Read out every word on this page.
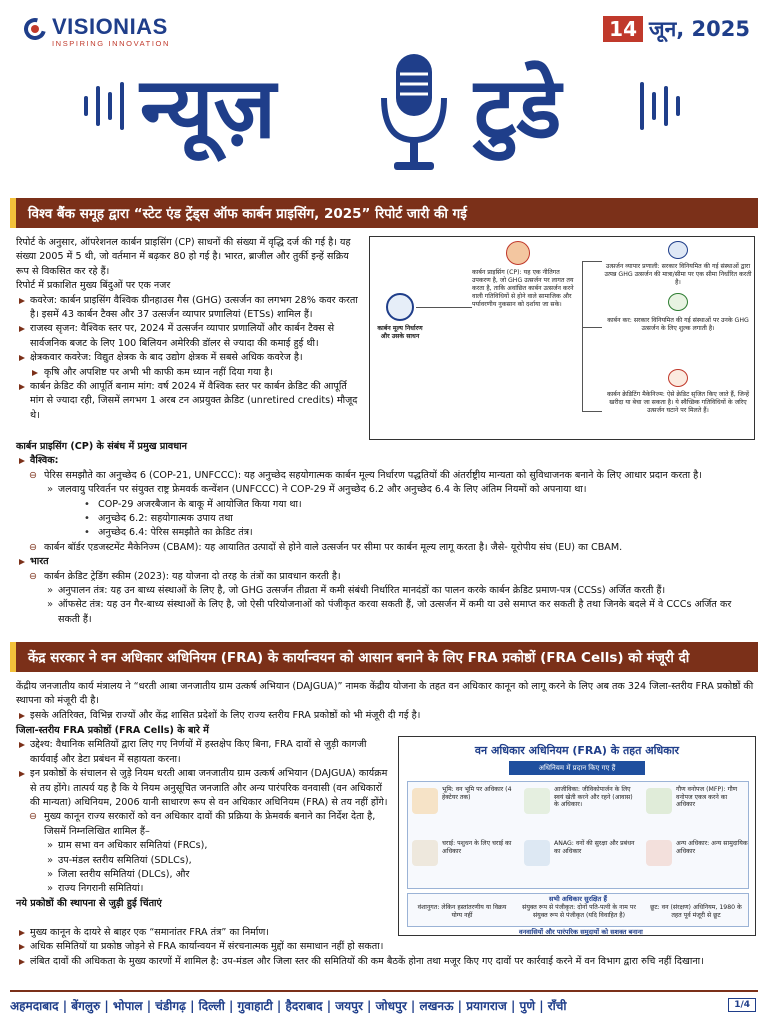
VISIONIAS
INSPIRING INNOVATION
14 जून, 2025
न्यूज़ टुडे
विश्व बैंक समूह द्वारा “स्टेट एंड ट्रेंड्स ऑफ कार्बन प्राइसिंग, 2025” रिपोर्ट जारी की गई

रिपोर्ट के अनुसार, ऑपरेशनल कार्बन प्राइसिंग (CP) साधनों की संख्या में वृद्धि दर्ज की गई है। यह संख्या 2005 में 5 थी, जो वर्तमान में बढ़कर 80 हो गई है। भारत, ब्राजील और तुर्की इन्हें सक्रिय रूप से विकसित कर रहे हैं।

रिपोर्ट में प्रकाशित मुख्य बिंदुओं पर एक नजर

कवरेज: कार्बन प्राइसिंग वैश्विक ग्रीनहाउस गैस (GHG) उत्सर्जन का लगभग 28% कवर करता है। इसमें 43 कार्बन टैक्स और 37 उत्सर्जन व्यापार प्रणालियां (ETSs) शामिल हैं।
राजस्व सृजन: वैश्विक स्तर पर, 2024 में उत्सर्जन व्यापार प्रणालियों और कार्बन टैक्स से सार्वजनिक बजट के लिए 100 बिलियन अमेरिकी डॉलर से ज्यादा की कमाई हुई थी।
क्षेत्रकवार कवरेज: विद्युत क्षेत्रक के बाद उद्योग क्षेत्रक में सबसे अधिक कवरेज है।
कृषि और अपशिष्ट पर अभी भी काफी कम ध्यान नहीं दिया गया है।
कार्बन क्रेडिट की आपूर्ति बनाम मांग: वर्ष 2024 में वैश्विक स्तर पर कार्बन क्रेडिट की आपूर्ति मांग से ज्यादा रही, जिसमें लगभग 1 अरब टन अप्रयुक्त क्रेडिट (unretired credits) मौजूद थे।
कार्बन मूल्य निर्धारण और उसके साधन
कार्बन प्राइसिंग (CP): यह एक नीतिगत उपकरण है, जो GHG उत्सर्जन पर लागत तय करता है, ताकि अवांछित कार्बन उत्सर्जन करने वाली गतिविधियों से होने वाले सामाजिक और पर्यावरणीय नुकसान को दर्शाया जा सके।
उत्सर्जन व्यापार प्रणाली: सरकार विनियमित की गई संस्थाओं द्वारा उत्पन्न GHG उत्सर्जन की मात्रा/सीमा पर एक सीमा निर्धारित करती है।
कार्बन कर: सरकार विनियमित की गई संस्थाओं पर उनके GHG उत्सर्जन के लिए शुल्क लगाती है।
कार्बन क्रेडिटिंग मैकेनिज्म: ऐसे क्रेडिट सृजित किए जाते हैं, जिन्हें खरीदा या बेचा जा सकता है। ये स्वैच्छिक गतिविधियों के जरिए उत्सर्जन घटाने पर मिलते हैं।

कार्बन प्राइसिंग (CP) के संबंध में प्रमुख प्रावधान

वैश्विक:
⊖ पेरिस समझौते का अनुच्छेद 6 (COP-21, UNFCCC): यह अनुच्छेद सहयोगात्मक कार्बन मूल्य निर्धारण पद्धतियों की अंतर्राष्ट्रीय मान्यता को सुविधाजनक बनाने के लिए आधार प्रदान करता है।
» जलवायु परिवर्तन पर संयुक्त राष्ट्र फ्रेमवर्क कन्वेंशन (UNFCCC) ने COP-29 में अनुच्छेद 6.2 और अनुच्छेद 6.4 के लिए अंतिम नियमों को अपनाया था।
• COP-29 अजरबैजान के बाकू में आयोजित किया गया था।
• अनुच्छेद 6.2: सहयोगात्मक उपाय तथा
• अनुच्छेद 6.4: पेरिस समझौते का क्रेडिट तंत्र।
⊖ कार्बन बॉर्डर एडजस्टमेंट मैकेनिज्म (CBAM): यह आयातित उत्पादों से होने वाले उत्सर्जन पर सीमा पर कार्बन मूल्य लागू करता है। जैसे- यूरोपीय संघ (EU) का CBAM.
भारत
⊖ कार्बन क्रेडिट ट्रेडिंग स्कीम (2023): यह योजना दो तरह के तंत्रों का प्रावधान करती है।
» अनुपालन तंत्र: यह उन बाध्य संस्थाओं के लिए है, जो GHG उत्सर्जन तीव्रता में कमी संबंधी निर्धारित मानदंडों का पालन करके कार्बन क्रेडिट प्रमाण-पत्र (CCSs) अर्जित करती हैं।
» ऑफसेट तंत्र: यह उन गैर-बाध्य संस्थाओं के लिए है, जो ऐसी परियोजनाओं को पंजीकृत करवा सकती हैं, जो उत्सर्जन में कमी या उसे समाप्त कर सकती है तथा जिनके बदले में वे CCCs अर्जित कर सकती हैं।
केंद्र सरकार ने वन अधिकार अधिनियम (FRA) के कार्यान्वयन को आसान बनाने के लिए FRA प्रकोष्ठों (FRA Cells) को मंजूरी दी

केंद्रीय जनजातीय कार्य मंत्रालय ने “धरती आबा जनजातीय ग्राम उत्कर्ष अभियान (DAJGUA)” नामक केंद्रीय योजना के तहत वन अधिकार कानून को लागू करने के लिए अब तक 324 जिला-स्तरीय FRA प्रकोष्ठों की स्थापना को मंजूरी दी है।

इसके अतिरिक्त, विभिन्न राज्यों और केंद्र शासित प्रदेशों के लिए राज्य स्तरीय FRA प्रकोष्ठों को भी मंजूरी दी गई है।

जिला-स्तरीय FRA प्रकोष्ठों (FRA Cells) के बारे में

उद्देश्य: वैधानिक समितियों द्वारा लिए गए निर्णयों में हस्तक्षेप किए बिना, FRA दावों से जुड़ी कागजी कार्यवाई और डेटा प्रबंधन में सहायता करना।
इन प्रकोष्ठों के संचालन से जुड़े नियम धरती आबा जनजातीय ग्राम उत्कर्ष अभियान (DAJGUA) कार्यक्रम से तय होंगे। तात्पर्य यह है कि ये नियम अनुसूचित जनजाति और अन्य पारंपरिक वनवासी (वन अधिकारों की मान्यता) अधिनियम, 2006 यानी साधारण रूप से वन अधिकार अधिनियम (FRA) से तय नहीं होंगे।
⊖ मुख्य कानून राज्य सरकारों को वन अधिकार दावों की प्रक्रिया के फ्रेमवर्क बनाने का निर्देश देता है, जिसमें निम्नलिखित शामिल हैं–
» ग्राम सभा वन अधिकार समितियां (FRCs),
» उप-मंडल स्तरीय समितियां (SDLCs),
» जिला स्तरीय समितियां (DLCs), और
» राज्य निगरानी समितियां।

नये प्रकोष्ठों की स्थापना से जुड़ी हुई चिंताएं

मुख्य कानून के दायरे से बाहर एक “समानांतर FRA तंत्र” का निर्माण।
अधिक समितियों या प्रकोष्ठ जोड़ने से FRA कार्यान्वयन में संरचनात्मक मुद्दों का समाधान नहीं हो सकता।
लंबित दावों की अधिकता के मुख्य कारणों में शामिल है: उप-मंडल और जिला स्तर की समितियों की कम बैठकें होना तथा मजूर किए गए दावों पर कार्रवाई करने में वन विभाग द्वारा रुचि नहीं दिखाना।
वन अधिकार अधिनियम (FRA) के तहत अधिकार
अधिनियम में प्रदान किए गए हैं
भूमि: वन भूमि पर अधिकार (4 हेक्टेयर तक)
आजीविका: जीविकोपार्जन के लिए स्वयं खेती करने और रहने (आवास) के अधिकार।
गौण वनोपज (MFP): गौण वनोपज एकत्र करने का अधिकार
चराई: पशुधन के लिए चराई का अधिकार
ANAG: वनों की सुरक्षा और प्रबंधन का अधिकार
अन्य अधिकार: अन्य सामुदायिक अधिकार
सभी अधिकार सुरक्षित हैं
वंशानुगत: लेकिन हस्तांतरणीय या विक्रय योग्य नहीं
संयुक्त रूप से पंजीकृत: दोनों पति-पत्नी के नाम पर संयुक्त रूप से पंजीकृत (यदि विवाहित है)
छूट: वन (संरक्षण) अधिनियम, 1980 के तहत पूर्व मंजूरी से छूट
वनवासियों और पारंपरिक समुदायों को सशक्त बनाना
अहमदाबाद | बेंगलुरु | भोपाल | चंडीगढ़ | दिल्ली | गुवाहाटी | हैदराबाद | जयपुर | जोधपुर | लखनऊ | प्रयागराज | पुणे | राँची	1/4
